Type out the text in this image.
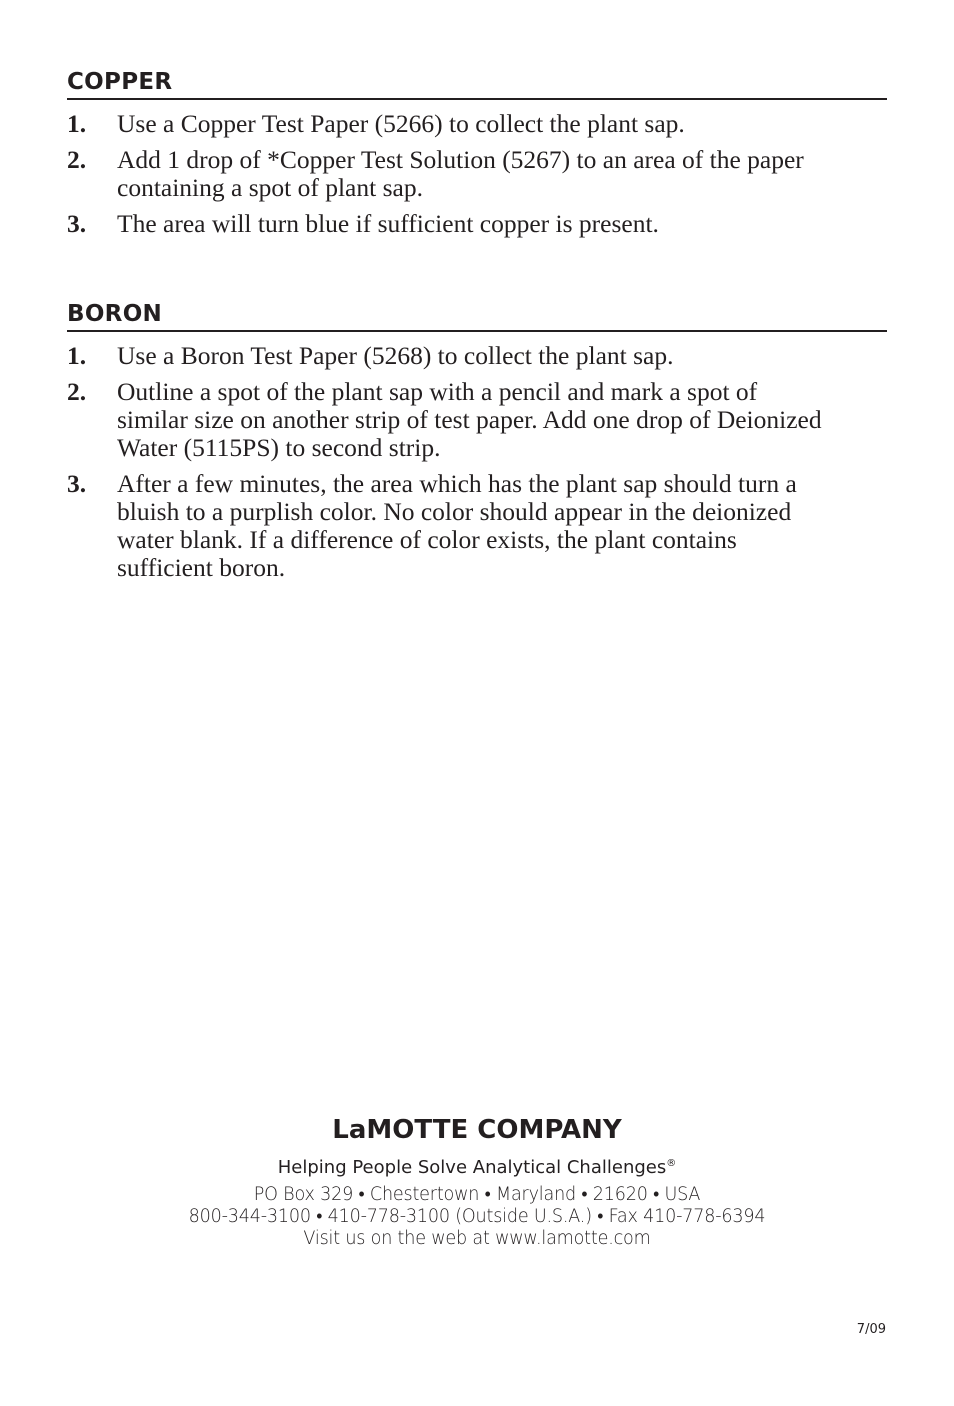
COPPER
1. Use a Copper Test Paper (5266) to collect the plant sap.
2. Add 1 drop of *Copper Test Solution (5267) to an area of the paper
containing a spot of plant sap.
3. The area will turn blue if sufficient copper is present.
BORON
1. Use a Boron Test Paper (5268) to collect the plant sap.
2. Outline a spot of the plant sap with a pencil and mark a spot of
similar size on another strip of test paper. Add one drop of Deionized
Water (5115PS) to second strip.
3. After a few minutes, the area which has the plant sap should turn a
bluish to a purplish color. No color should appear in the deionized
water blank. If a difference of color exists, the plant contains
sufficient boron.
LaMOTTE COMPANY
Helping People Solve Analytical Challenges®
PO Box 329 • Chestertown • Maryland • 21620 • USA
800-344-3100 • 410-778-3100 (Outside U.S.A.) • Fax 410-778-6394
Visit us on the web at www.lamotte.com
7/09
